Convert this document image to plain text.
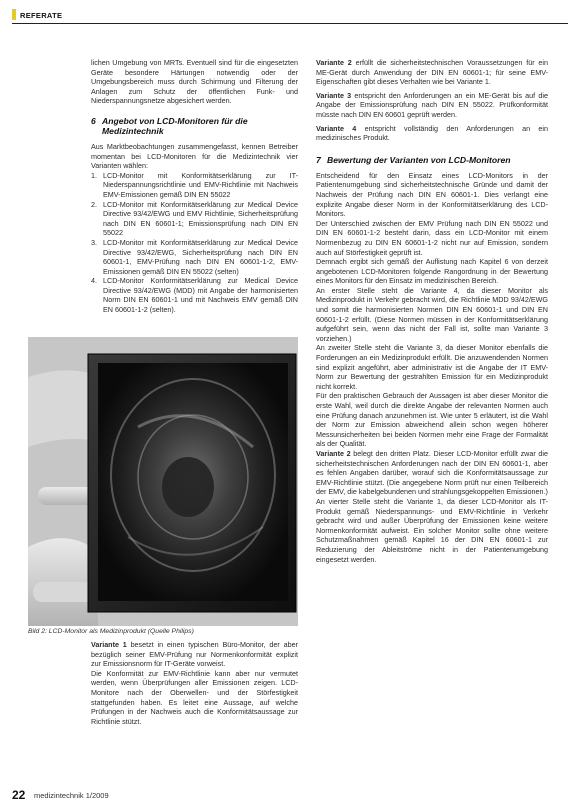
REFERATE

lichen Umgebung von MRTs. Eventuell sind für die eingesetzten Geräte besondere Härtungen notwendig oder der Umgebungsbereich muss durch Schirmung und Filterung der Anlagen zum Schutz der öffentlichen Funk- und Niederspannungsnetze abgesichert werden.

6 Angebot von LCD-Monitoren für die Medizintechnik

Aus Marktbeobachtungen zusammengefasst, kennen Betreiber momentan bei LCD-Monitoren für die Medizintechnik vier Varianten wählen:

1. LCD-Monitor mit Konformitätserklärung zur IT-Niederspannungsrichtlinie und EMV-Richtlinie mit Nachweis EMV-Emissionen gemäß DIN EN 55022
2. LCD-Monitor mit Konformitätserklärung zur Medical Device Directive 93/42/EWG und EMV Richtlinie, Sicherheitsprüfung nach DIN EN 60601-1; Emissionsprüfung nach DIN EN 55022
3. LCD-Monitor mit Konformitätserklärung zur Medical Device Directive 93/42/EWG, Sicherheitsprüfung nach DIN EN 60601-1, EMV-Prüfung nach DIN EN 60601-1-2, EMV-Emissionen gemäß DIN EN 55022 (selten)
4. LCD-Monitor Konformitätserklärung zur Medical Device Directive 93/42/EWG (MDD) mit Angabe der harmonisierten Norm DIN EN 60601-1 und mit Nachweis EMV gemäß DIN EN 60601-1-2 (selten).
Bild 2: LCD-Monitor als Medizinprodukt (Quelle Philips)

Variante 1 besetzt in einen typischen Büro-Monitor, der aber bezüglich seiner EMV-Prüfung nur Normenkonformität explizit zur Emissionsnorm für IT-Geräte vorweist.

Die Konformität zur EMV-Richtlinie kann aber nur vermutet werden, wenn Überprüfungen aller Emissionen zeigen. LCD-Monitore nach der Oberwellen- und der Störfestigkeit stattgefunden haben. Es leitet eine Aussage, auf welche Prüfungen in der Nachweis auch die Konformitätsaussage zur Richtlinie stützt.

Variante 2 erfüllt die sicherheitstechnischen Voraussetzungen für ein ME-Gerät durch Anwendung der DIN EN 60601-1; für seine EMV-Eigenschaften gibt dieses Verhalten wie bei Variante 1.

Variante 3 entspricht den Anforderungen an ein ME-Gerät bis auf die Angabe der Emissionsprüfung nach DIN EN 55022. Prüfkonformität müsste nach DIN EN 60601 geprüft werden.

Variante 4 entspricht vollständig den Anforderungen an ein medizinisches Produkt.

7 Bewertung der Varianten von LCD-Monitoren

Entscheidend für den Einsatz eines LCD-Monitors in der Patientenumgebung sind sicherheitstechnische Gründe und damit der Nachweis der Prüfung nach DIN EN 60601-1. Dies verlangt eine explizite Angabe dieser Norm in der Konformitätserklärung des LCD-Monitors.

Der Unterschied zwischen der EMV Prüfung nach DIN EN 55022 und DIN EN 60601-1-2 besteht darin, dass ein LCD-Monitor mit einem Normenbezug zu DIN EN 60601-1-2 nicht nur auf Emission, sondern auch auf Störfestigkeit geprüft ist.

Demnach ergibt sich gemäß der Auflistung nach Kapitel 6 von derzeit angebotenen LCD-Monitoren folgende Rangordnung in der Bewertung eines Monitors für den Einsatz im medizinischen Bereich.

An erster Stelle steht die Variante 4, da dieser Monitor als Medizinprodukt in Verkehr gebracht wird, die Richtlinie MDD 93/42/EWG und somit die harmonisierten Normen DIN EN 60601-1 und DIN EN 60601-1-2 erfüllt. (Diese Normen müssen in der Konformitätserklärung aufgeführt sein, wenn das nicht der Fall ist, sollte man Variante 3 vorziehen.)

An zweiter Stelle steht die Variante 3, da dieser Monitor ebenfalls die Forderungen an ein Medizinprodukt erfüllt. Die anzuwendenden Normen sind explizit angeführt, aber administrativ ist die Angabe der IT EMV-Norm zur Bewertung der gestrahlten Emission für ein Medizinprodukt nicht korrekt.

Für den praktischen Gebrauch der Aussagen ist aber dieser Monitor die erste Wahl, weil durch die direkte Angabe der relevanten Normen auch eine Prüfung danach anzunehmen ist. Wie unter 5 erläutert, ist die Wahl der Norm zur Emission abweichend allein schon wegen höherer Messunsicherheiten bei beiden Normen mehr eine Frage der Formalität als der Qualität.

Variante 2 belegt den dritten Platz. Dieser LCD-Monitor erfüllt zwar die sicherheitstechnischen Anforderungen nach der DIN EN 60601-1, aber es fehlen Angaben darüber, worauf sich die Konformitätsaussage zur EMV-Richtlinie stützt. (Die angegebene Norm prüft nur einen Teilbereich der EMV, die kabelgebundenen und strahlungsgekoppelten Emissionen.)

An vierter Stelle steht die Variante 1, da dieser LCD-Monitor als IT-Produkt gemäß Niederspannungs- und EMV-Richtlinie in Verkehr gebracht wird und außer Überprüfung der Emissionen keine weitere Normenkonformität aufweist. Ein solcher Monitor sollte ohne weitere Schutzmaßnahmen gemäß Kapitel 16 der DIN EN 60601-1 zur Reduzierung der Ableitströme nicht in der Patientenumgebung eingesetzt werden.

22 medizintechnik 1/2009
